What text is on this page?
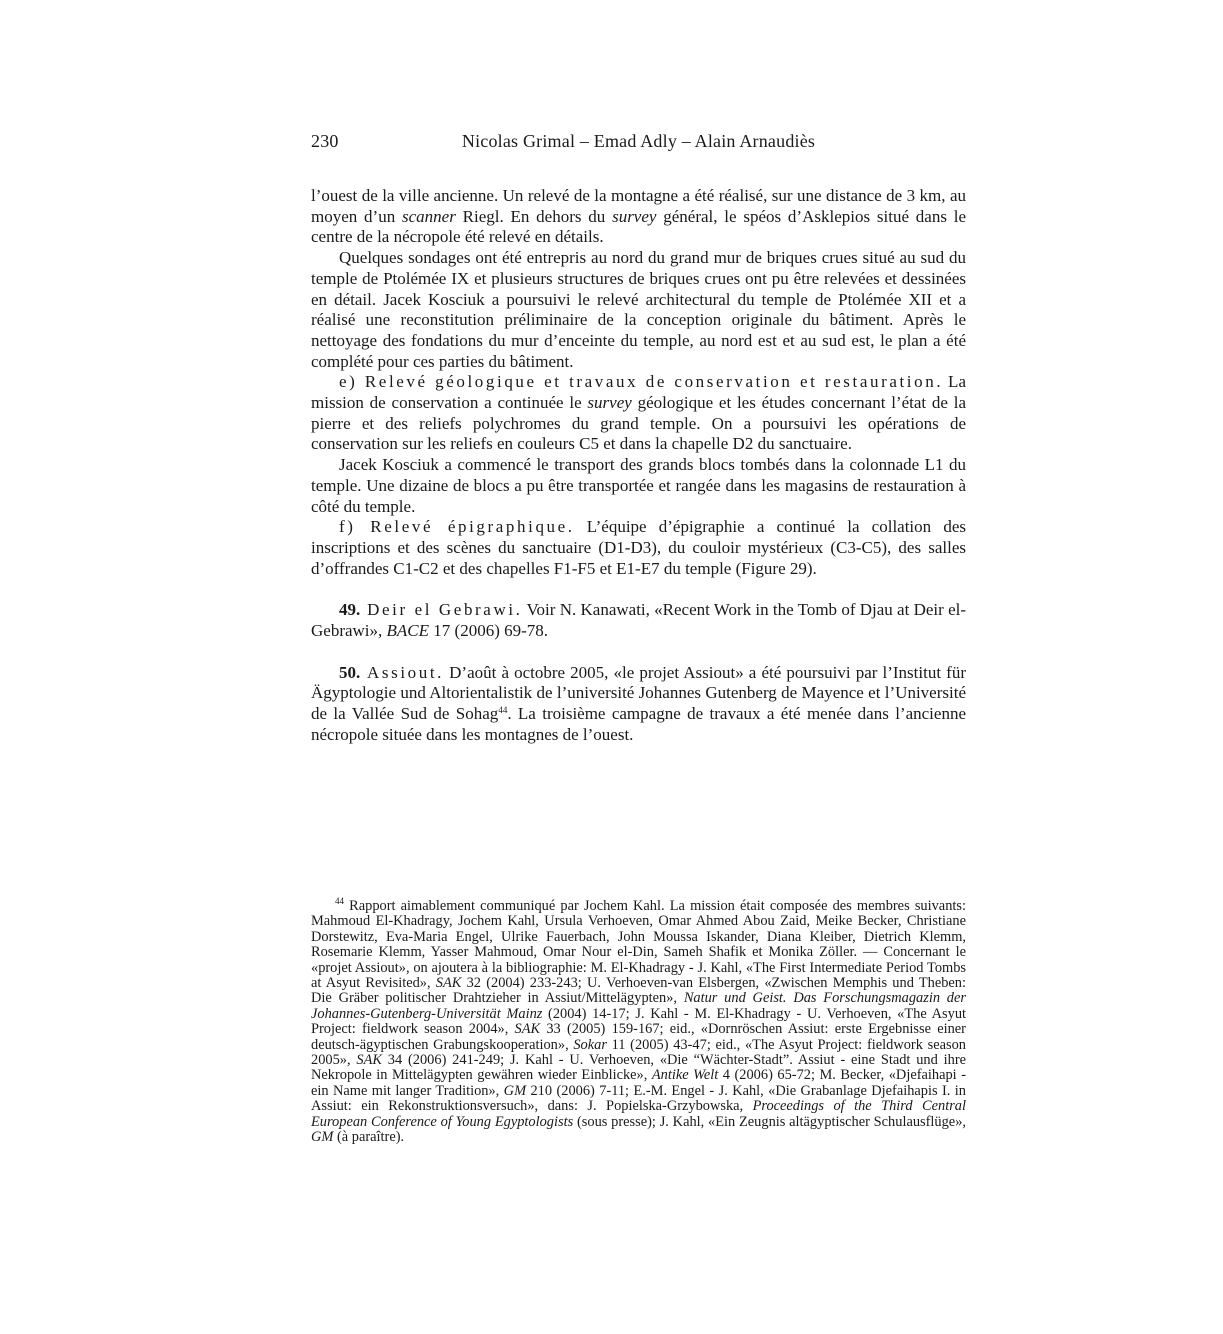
230	Nicolas Grimal – Emad Adly – Alain Arnaudiès

l’ouest de la ville ancienne. Un relevé de la montagne a été réalisé, sur une distance de 3 km, au moyen d’un scanner Riegl. En dehors du survey général, le spéos d’Asklepios situé dans le centre de la nécropole été relevé en détails.

Quelques sondages ont été entrepris au nord du grand mur de briques crues situé au sud du temple de Ptolémée IX et plusieurs structures de briques crues ont pu être relevées et dessinées en détail. Jacek Kosciuk a poursuivi le relevé architectural du temple de Ptolémée XII et a réalisé une reconstitution préliminaire de la conception originale du bâtiment. Après le nettoyage des fondations du mur d’enceinte du temple, au nord est et au sud est, le plan a été complété pour ces parties du bâtiment.

e) Relevé géologique et travaux de conservation et restauration. La mission de conservation a continuée le survey géologique et les études concernant l’état de la pierre et des reliefs polychromes du grand temple. On a poursuivi les opérations de conservation sur les reliefs en couleurs C5 et dans la chapelle D2 du sanctuaire.

Jacek Kosciuk a commencé le transport des grands blocs tombés dans la colonnade L1 du temple. Une dizaine de blocs a pu être transportée et rangée dans les magasins de restauration à côté du temple.

f) Relevé épigraphique. L’équipe d’épigraphie a continué la collation des inscriptions et des scènes du sanctuaire (D1-D3), du couloir mystérieux (C3-C5), des salles d’offrandes C1-C2 et des chapelles F1-F5 et E1-E7 du temple (Figure 29).

49. Deir el Gebrawi. Voir N. Kanawati, «Recent Work in the Tomb of Djau at Deir el-Gebrawi», BACE 17 (2006) 69-78.

50. Assiout. D’août à octobre 2005, «le projet Assiout» a été poursuivi par l’Institut für Ägyptologie und Altorientalistik de l’université Johannes Gutenberg de Mayence et l’Université de la Vallée Sud de Sohag$^{44}$. La troisième campagne de travaux a été menée dans l’ancienne nécropole située dans les montagnes de l’ouest.

$^{44}$ Rapport aimablement communiqué par Jochem Kahl. La mission était composée des membres suivants: Mahmoud El-Khadragy, Jochem Kahl, Ursula Verhoeven, Omar Ahmed Abou Zaid, Meike Becker, Christiane Dorstewitz, Eva-Maria Engel, Ulrike Fauerbach, John Moussa Iskander, Diana Kleiber, Dietrich Klemm, Rosemarie Klemm, Yasser Mahmoud, Omar Nour el-Din, Sameh Shafik et Monika Zöller. — Concernant le «projet Assiout», on ajoutera à la bibliographie: M. El-Khadragy - J. Kahl, «The First Intermediate Period Tombs at Asyut Revisited», SAK 32 (2004) 233-243; U. Verhoeven-van Elsbergen, «Zwischen Memphis und Theben: Die Gräber politischer Drahtzieher in Assiut/Mittelägypten», Natur und Geist. Das Forschungsmagazin der Johannes-Gutenberg-Universität Mainz (2004) 14-17; J. Kahl - M. El-Khadragy - U. Verhoeven, «The Asyut Project: fieldwork season 2004», SAK 33 (2005) 159-167; eid., «Dornröschen Assiut: erste Ergebnisse einer deutsch-ägyptischen Grabungskooperation», Sokar 11 (2005) 43-47; eid., «The Asyut Project: fieldwork season 2005», SAK 34 (2006) 241-249; J. Kahl - U. Verhoeven, «Die “Wächter-Stadt”. Assiut - eine Stadt und ihre Nekropole in Mittelägypten gewähren wieder Einblicke», Antike Welt 4 (2006) 65-72; M. Becker, «Djefaihapi - ein Name mit langer Tradition», GM 210 (2006) 7-11; E.-M. Engel - J. Kahl, «Die Grabanlage Djefaihapis I. in Assiut: ein Rekonstruktionsversuch», dans: J. Popielska-Grzybowska, Proceedings of the Third Central European Conference of Young Egyptologists (sous presse); J. Kahl, «Ein Zeugnis altägyptischer Schulausflüge», GM (à paraître).
